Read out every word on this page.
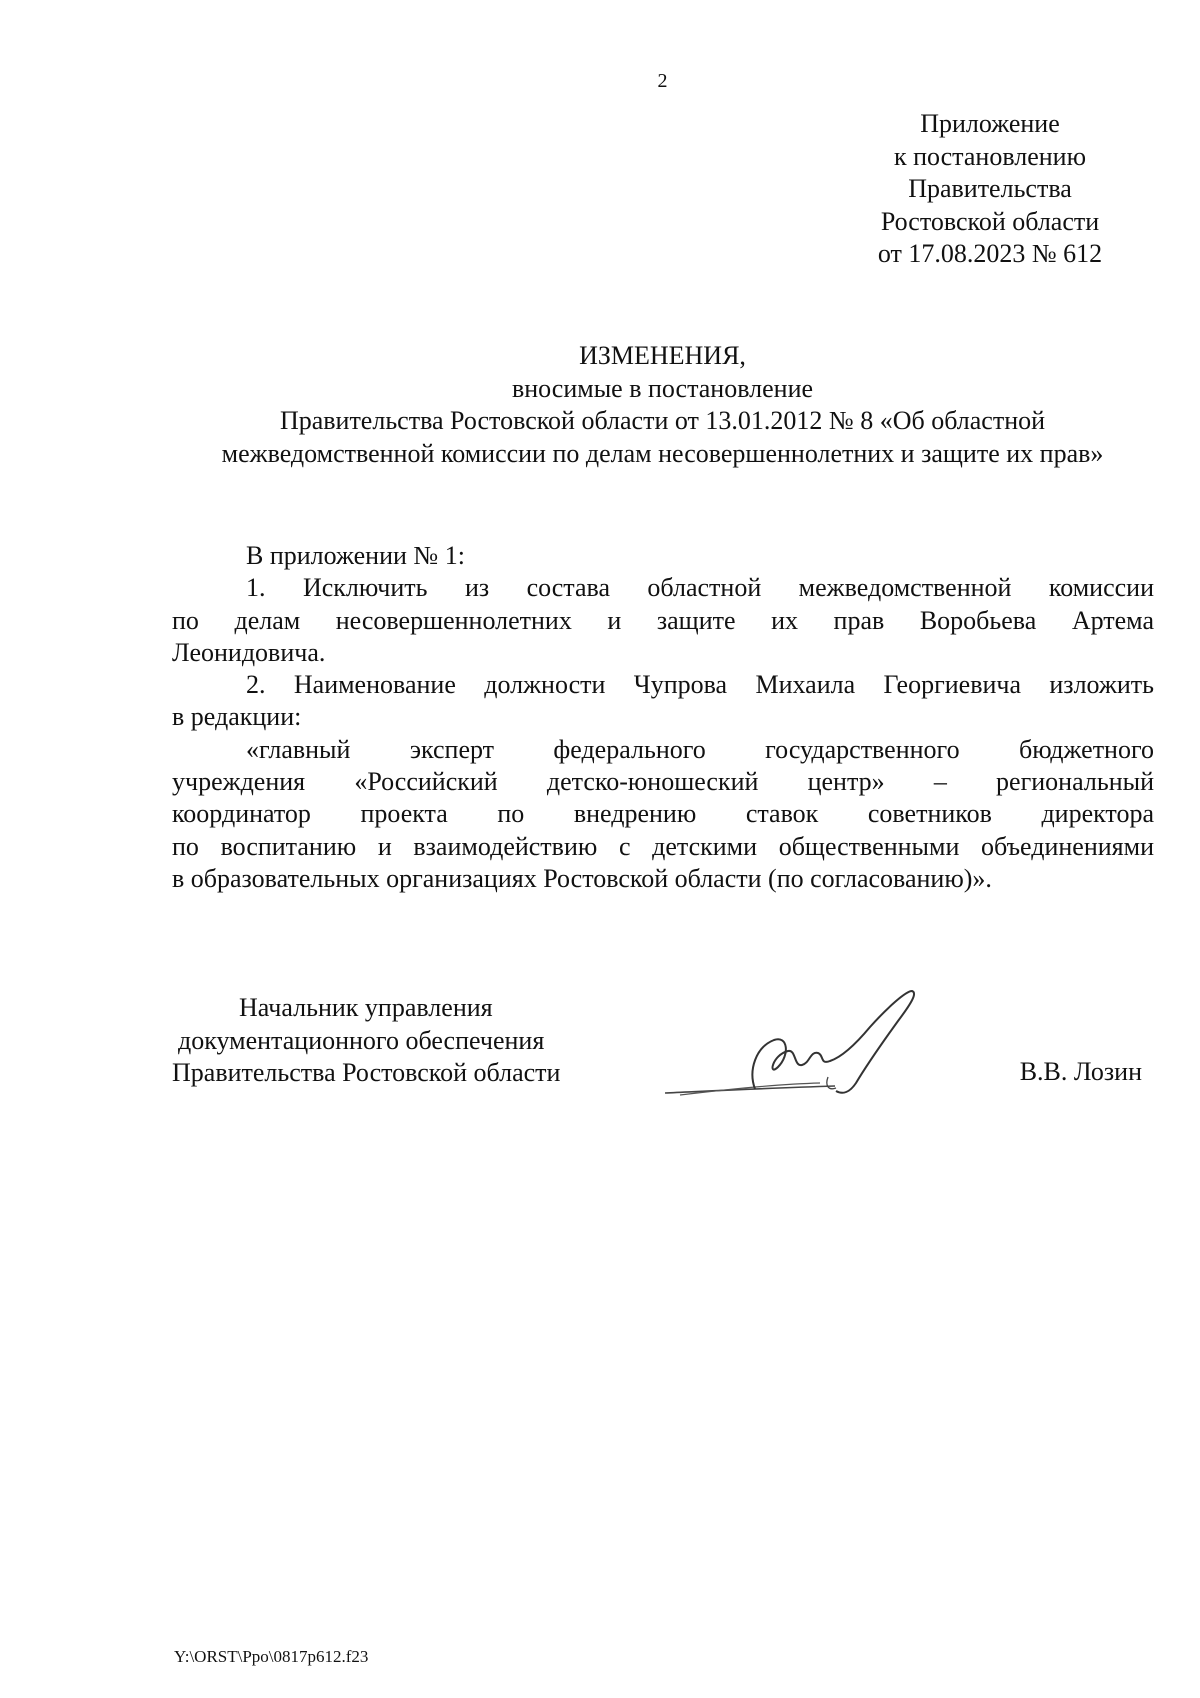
2
Приложение
к постановлению
Правительства
Ростовской области
от 17.08.2023 № 612
ИЗМЕНЕНИЯ,
вносимые в постановление
Правительства Ростовской области от 13.01.2012 № 8 «Об областной
межведомственной комиссии по делам несовершеннолетних и защите их прав»
В приложении № 1:
1. Исключить из состава областной межведомственной комиссии
по делам несовершеннолетних и защите их прав Воробьева Артема
Леонидовича.
2. Наименование должности Чупрова Михаила Георгиевича изложить
в редакции:
«главный эксперт федерального государственного бюджетного
учреждения «Российский детско-юношеский центр» – региональный
координатор проекта по внедрению ставок советников директора
по воспитанию и взаимодействию с детскими общественными объединениями
в образовательных организациях Ростовской области (по согласованию)».
Начальник управления
документационного обеспечения
Правительства Ростовской области	В.В. Лозин
Y:\ORST\Ppo\0817p612.f23
